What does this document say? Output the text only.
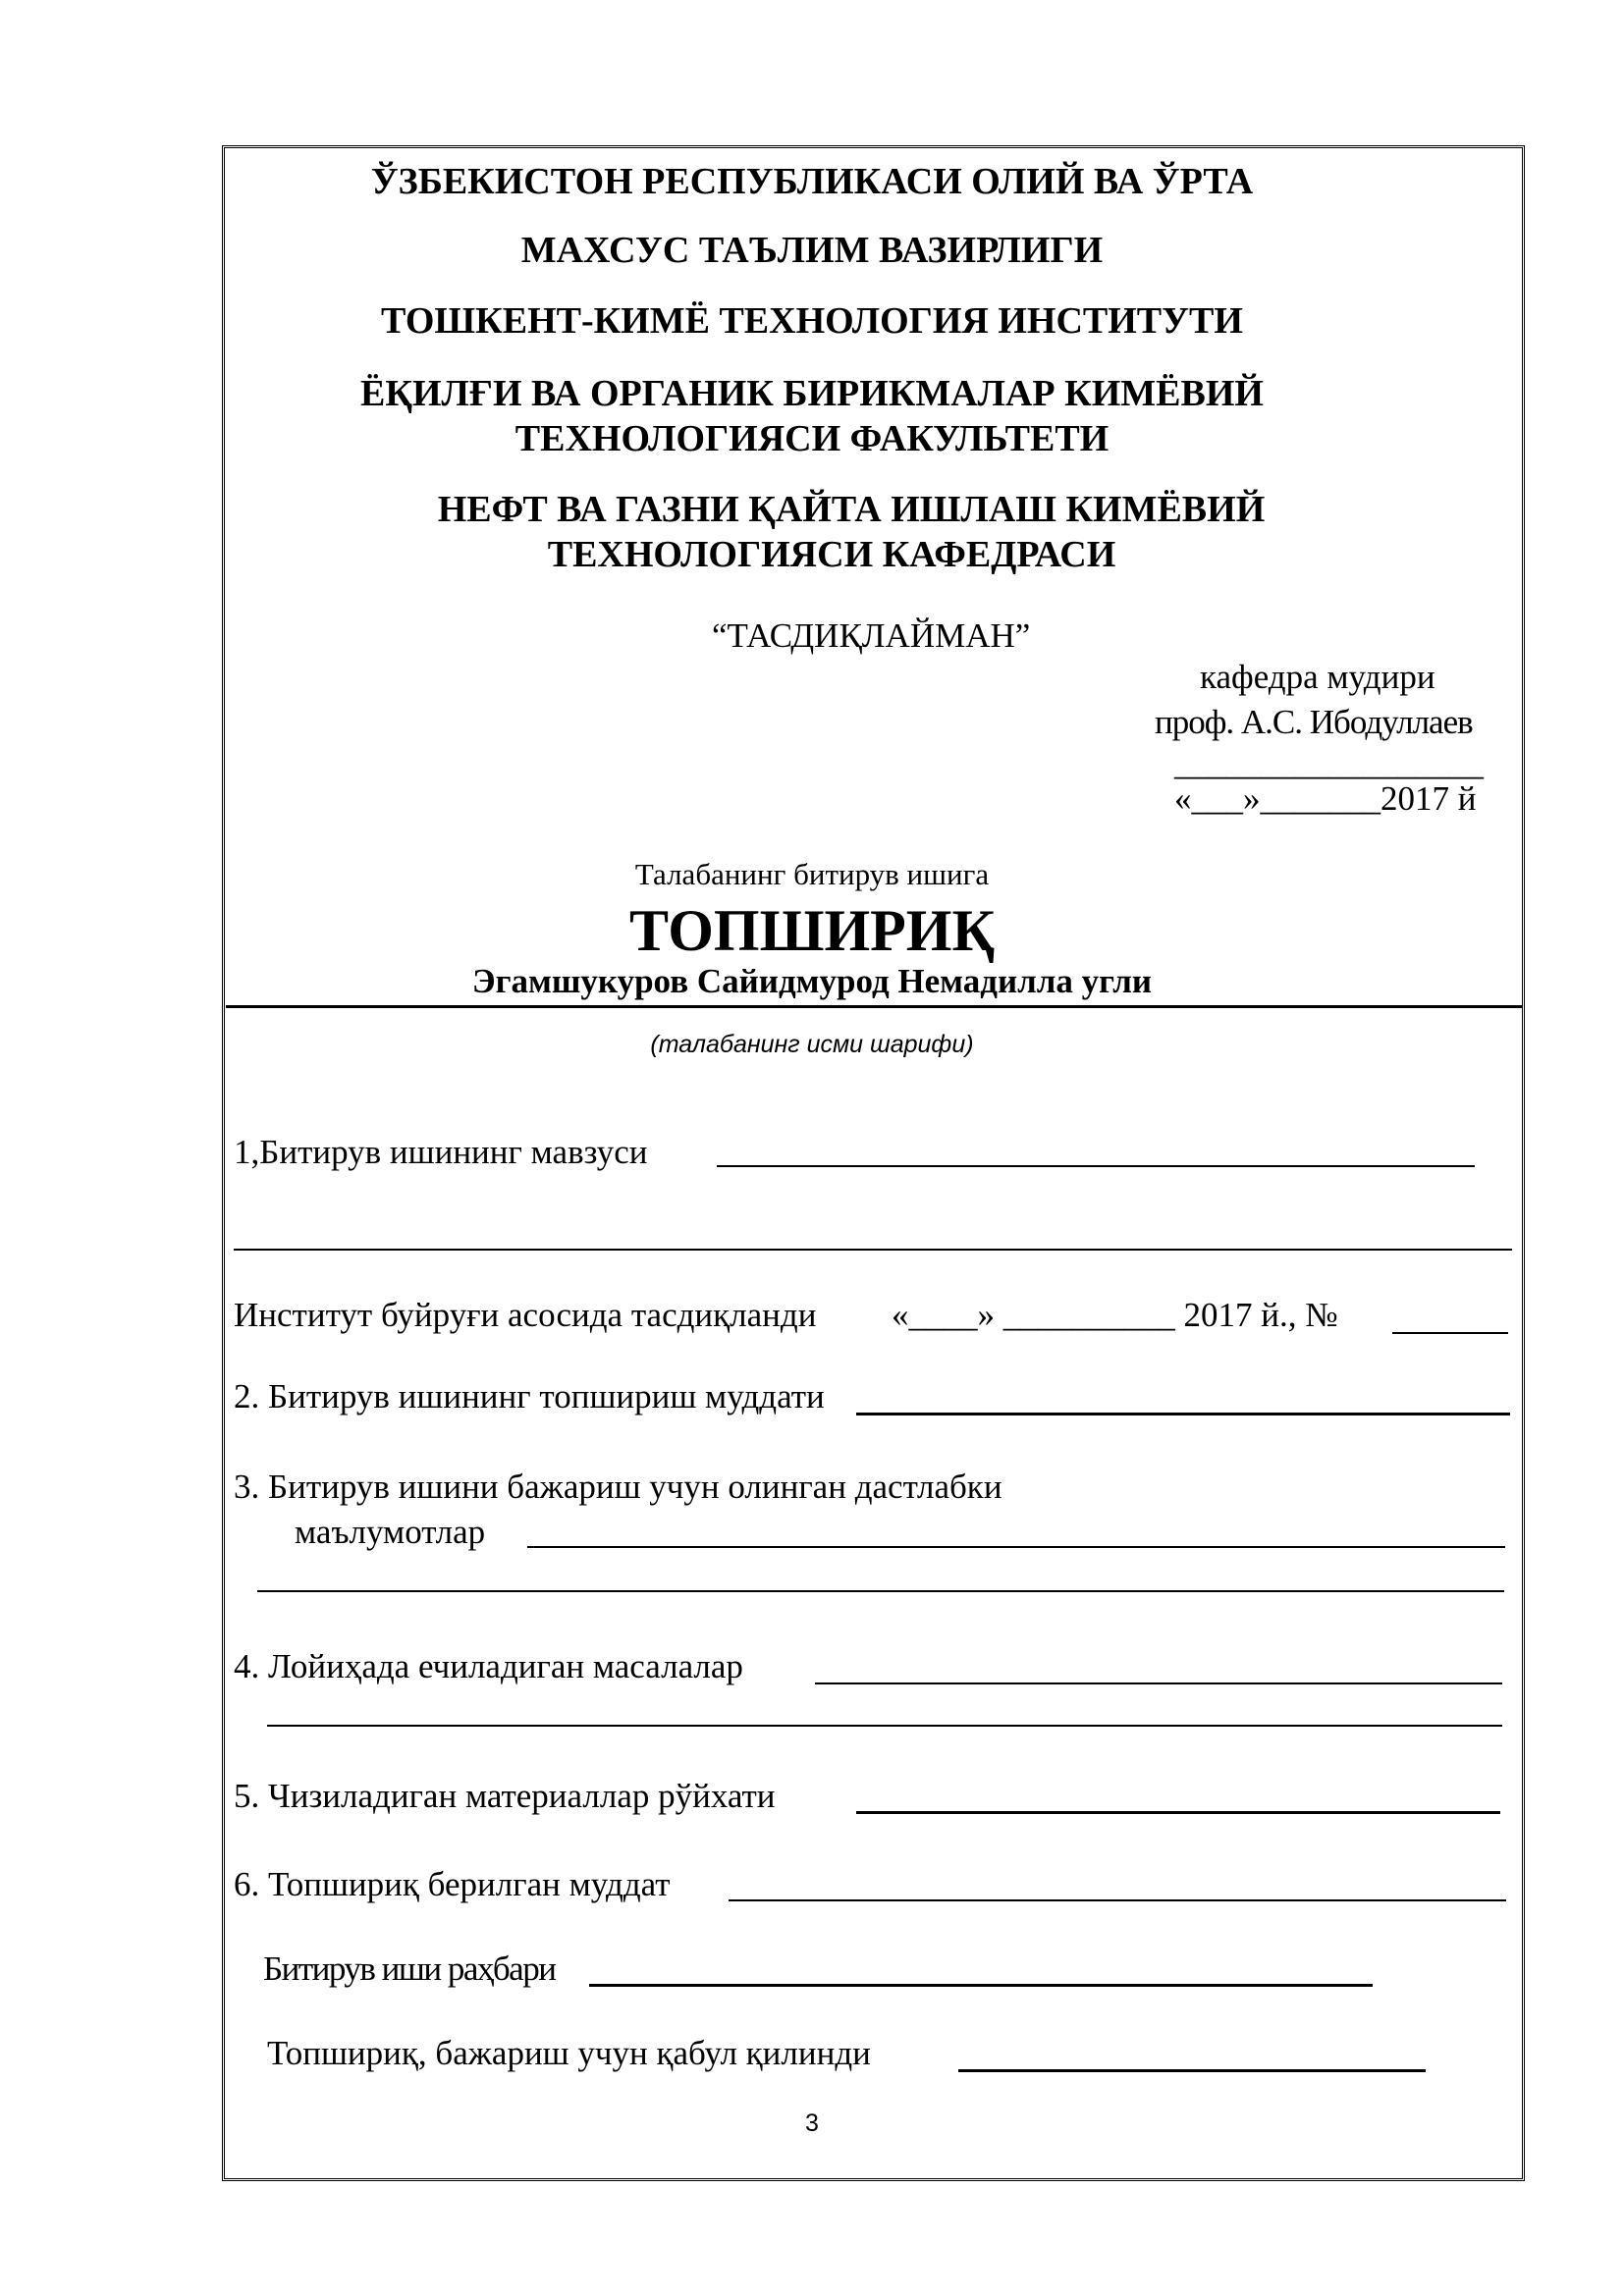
ЎЗБЕКИСТОН РЕСПУБЛИКАСИ ОЛИЙ ВА ЎРТА
МАХСУС ТАЪЛИМ ВАЗИРЛИГИ
ТОШКЕНТ-КИМЁ ТЕХНОЛОГИЯ ИНСТИТУТИ
ЁҚИЛҒИ ВА ОРГАНИК БИРИКМАЛАР КИМЁВИЙ
ТЕХНОЛОГИЯСИ ФАКУЛЬТЕТИ
НЕФТ ВА ГАЗНИ ҚАЙТА ИШЛАШ КИМЁВИЙ
ТЕХНОЛОГИЯСИ КАФЕДРАСИ
“ТАСДИҚЛАЙМАН”
кафедра мудири
проф. А.С. Ибодуллаев
__________________
«___»_______2017 й
Талабанинг битирув ишига
ТОПШИРИҚ
Эгамшукуров Сайидмурод Немадилла угли
(талабанинг исми шарифи)
1,Битирув ишининг мавзуси
Институт буйруғи асосида тасдиқланди «____» __________ 2017 й., №
2. Битирув ишининг топшириш муддати
3. Битирув ишини бажариш учун олинган дастлабки
маълумотлар
4. Лойиҳада ечиладиган масалалар
5. Чизиладиган материаллар рўйхати
6. Топшириқ берилган муддат
Битирув иши раҳбари
Топшириқ, бажариш учун қабул қилинди
3
